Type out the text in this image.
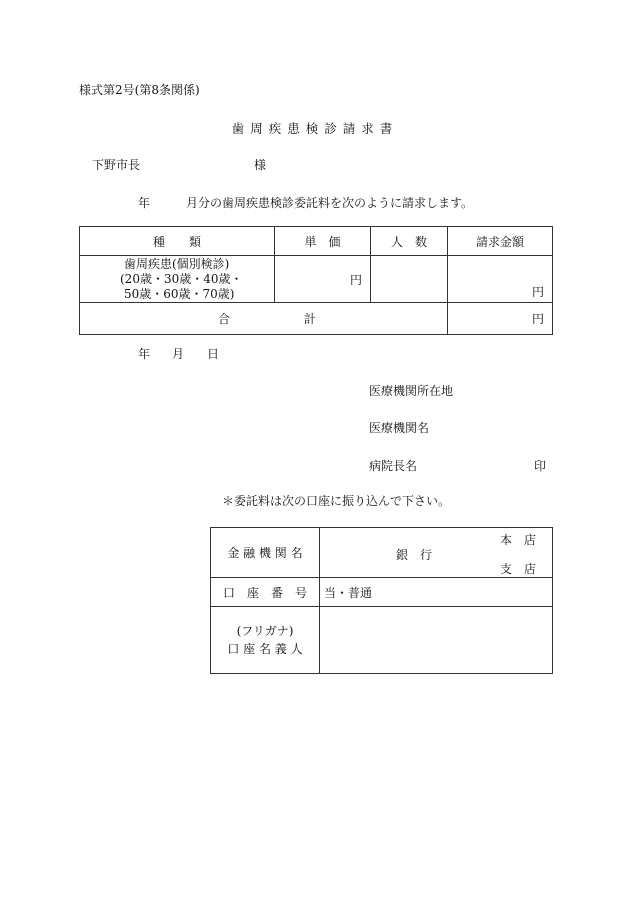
様式第2号(第8条関係)
歯周疾患検診請求書
下野市長	様
年	月分の歯周疾患検診委託料を次のように請求します。
種　　類	単　価	人　数	請求金額

歯周疾患(個別検診)
(20歳・30歳・40歳・
50歳・60歳・70歳)	円		円
合 計			円
年 月 日
医療機関所在地
医療機関名
病院長名	印
＊委託料は次の口座に振り込んで下さい。
金 融 機 関 名	銀　行
本　店
支　店

口　座　番　号	当・普通

(フリガナ)
口 座 名 義 人	
